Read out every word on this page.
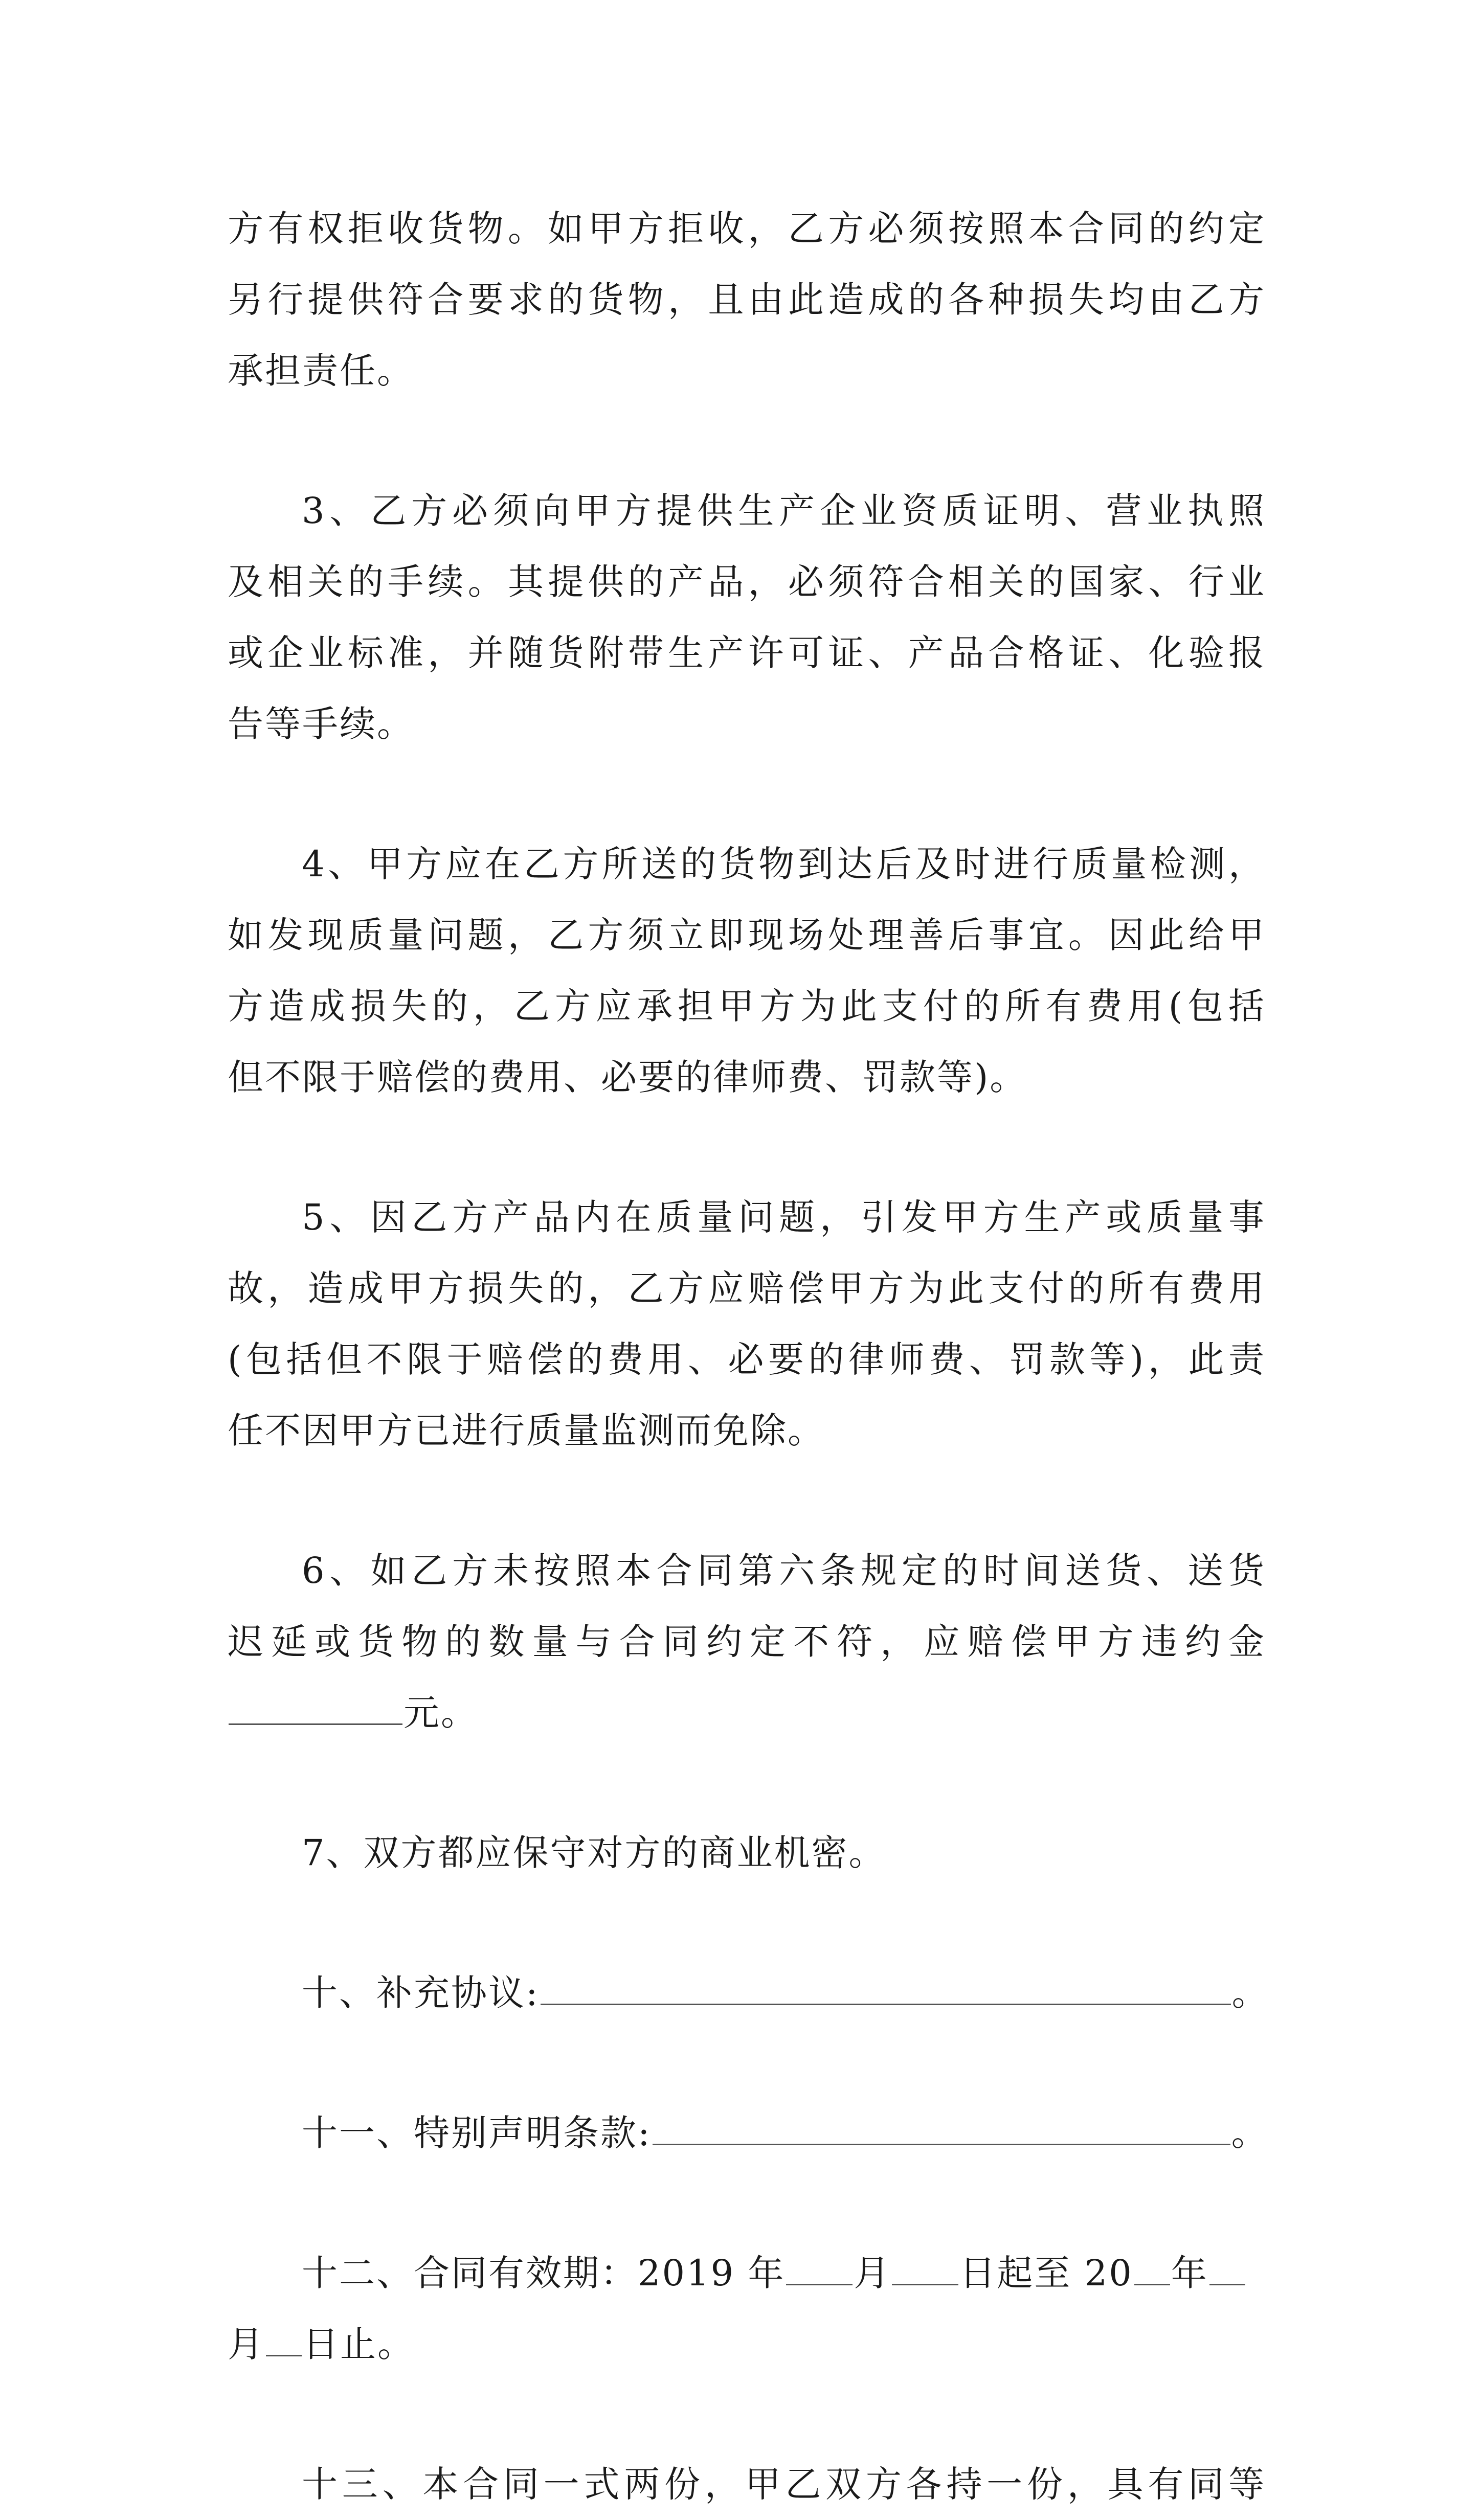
方有权拒收货物。如甲方拒收，乙方必须按照本合同的约定
另行提供符合要求的货物，且由此造成的各种损失均由乙方
承担责任。
3、乙方必须向甲方提供生产企业资质证明、营业执照
及相关的手续。其提供的产品，必须符合相关的国家、行业
或企业标准，并随货附带生产许可证、产品合格证、化验报
告等手续。
4、甲方应在乙方所送的货物到达后及时进行质量检测，
如发现质量问题，乙方须立即现场处理善后事宜。因此给甲
方造成损失的，乙方应承担甲方为此支付的所有费用(包括
但不限于赔偿的费用、必要的律师费、罚款等)。
5、因乙方产品内在质量问题，引发甲方生产或质量事
故，造成甲方损失的，乙方应赔偿甲方为此支付的所有费用
(包括但不限于赔偿的费用、必要的律师费、罚款等)，此责
任不因甲方已进行质量监测而免除。
6、如乙方未按照本合同第六条规定的时间送货、送货
迟延或货物的数量与合同约定不符，应赔偿甲方违约金
元。
7、双方都应保守对方的商业机密。
十、补充协议:	。
十一、特别声明条款:	。
十二、合同有效期：2019 年 月 日起至 20 年
月 日止。
十三、本合同一式两份，甲乙双方各持一份，具有同等
